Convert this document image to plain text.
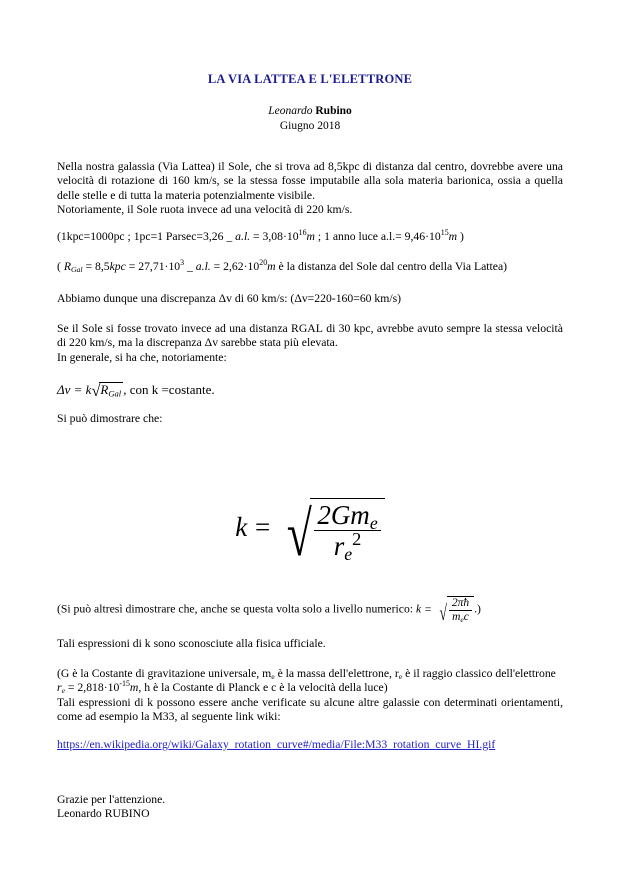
LA VIA LATTEA E L'ELETTRONE
Leonardo Rubino
Giugno 2018

Nella nostra galassia (Via Lattea) il Sole, che si trova ad 8,5kpc di distanza dal centro, dovrebbe avere una velocità di rotazione di 160 km/s, se la stessa fosse imputabile alla sola materia barionica, ossia a quella delle stelle e di tutta la materia potenzialmente visibile.

Notoriamente, il Sole ruota invece ad una velocità di 220 km/s.

(1kpc=1000pc ; 1pc=1 Parsec=3,26 _ a.l. = $3,08\cdot 10^{16}m$ ; 1 anno luce $a.l.= 9,46\cdot 10^{15}m$ )

( $R_{Gal} = 8,5kpc = 27,71\cdot 10^3$ _ a.l. = $2,62\cdot 10^{20}m$ è la distanza del Sole dal centro della Via Lattea)

Abbiamo dunque una discrepanza Δv di 60 km/s: (Δv=220-160=60 km/s)

Se il Sole si fosse trovato invece ad una distanza RGAL di 30 kpc, avrebbe avuto sempre la stessa velocità di 220 km/s, ma la discrepanza Δv sarebbe stata più elevata.

In generale, si ha che, notoriamente:

$\Delta v = k√R_{Gal}$ , con k =costante.

Si può dimostrare che:

k = √ $\frac{2Gm_e}{r_e^2}$

(Si può altresì dimostrare che, anche se questa volta solo a livello numerico: k = √ $\frac{2\pi ħ}{m_ec}$ .)

Tali espressioni di k sono sconosciute alla fisica ufficiale.

(G è la Costante di gravitazione universale, $m_e$ è la massa dell'elettrone, $r_e$ è il raggio classico dell'elettrone $r_e = 2,818\cdot 10^{-15}m$, h è la Costante di Planck e c è la velocità della luce)

Tali espressioni di k possono essere anche verificate su alcune altre galassie con determinati orientamenti, come ad esempio la M33, al seguente link wiki:

https://en.wikipedia.org/wiki/Galaxy_rotation_curve#/media/File:M33_rotation_curve_HI.gif

Grazie per l'attenzione.

Leonardo RUBINO
